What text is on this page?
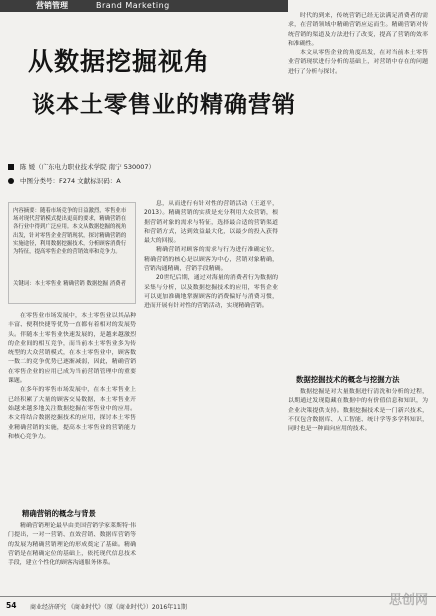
营销管理	Brand Marketing
从数据挖掘视角
谈本土零售业的精确营销
陈 媛（广东电力职业技术学院 南宁 530007）
中图分类号：F274 文献标识码：A
内容摘要：随着市场竞争的日益激烈，零售业市场对现代营销模式提出更高的要求，精确营销在各行业中得到广泛应用。本文从数据挖掘的视角出发，针对零售企业营销现状，探讨精确营销的实施途径，利用数据挖掘技术，分析顾客消费行为特征，提高零售企业的营销效率和竞争力。
关键词：本土零售业 精确营销 数据挖掘 消费者

在零售业市场发展中，本土零售业以其品种丰富、便利快捷等优势一直都有着相对的发展势头。伴随本土零售业快速发展的，是越来越激烈的企业间的相互竞争，而当前本土零售业多为传统型的大众营销模式，在本土零售业中，顾客数一数二的竞争优势已逐渐减弱，因此，精确营销在零售企业的应用已成为当前营销管理中的重要课题。

在多年的零售市场发展中，在本土零售业上已经积累了大量的顾客交易数据，本土零售业开始越来越多地关注数据挖掘在零售业中的应用。本文将结合数据挖掘技术的应用，探讨本土零售业精确营销的实施，提高本土零售业的营销能力和核心竞争力。

精确营销的概念与背景

精确营销理论最早由美国营销学家莱斯特·伟门提出，一对一营销、直效营销、数据库营销等的发展为精确营销理论的形成奠定了基础。精确营销是在精确定位的基础上，依托现代信息技术手段，建立个性化的顾客沟通服务体系。

息，从而进行有针对性的营销活动（王道平，2013）。精确营销的实质是充分利用大众营销，根据营销对象的需求与特征，选择最合适的营销渠道和营销方式，达到效益最大化，以最少的投入获得最大的回报。

精确营销对顾客的需求与行为进行准确定位，精确营销的核心是以顾客为中心，营销对象精确，营销沟通精确，营销手段精确。

20世纪后期，通过对海量的消费者行为数据的采集与分析，以及数据挖掘技术的应用，零售企业可以更加准确地掌握顾客的消费偏好与消费习惯，进而开展有针对性的营销活动，实现精确营销。

时代的到来，传统营销已经无法满足消费者的需求，在营销领域中精确营销应运而生。精确营销对传统营销的渠道及方法进行了改变，提高了营销的效率和准确性。

本文从零售企业的角度出发，在对当前本土零售业营销现状进行分析的基础上，对营销中存在的问题进行了分析与探讨。

数据挖掘技术的概念与挖掘方法

数据挖掘是对大量数据进行清洗和分析的过程，以期通过发现隐藏在数据中的有价值信息和知识，为企业决策提供支持。数据挖掘技术是一门新兴技术，不仅包含数据库、人工智能、统计学等多学科知识，同时也是一种面向应用的技术。

54 商业经济研究 《商业时代》（原《商业时代》）2016年11期	思创网
